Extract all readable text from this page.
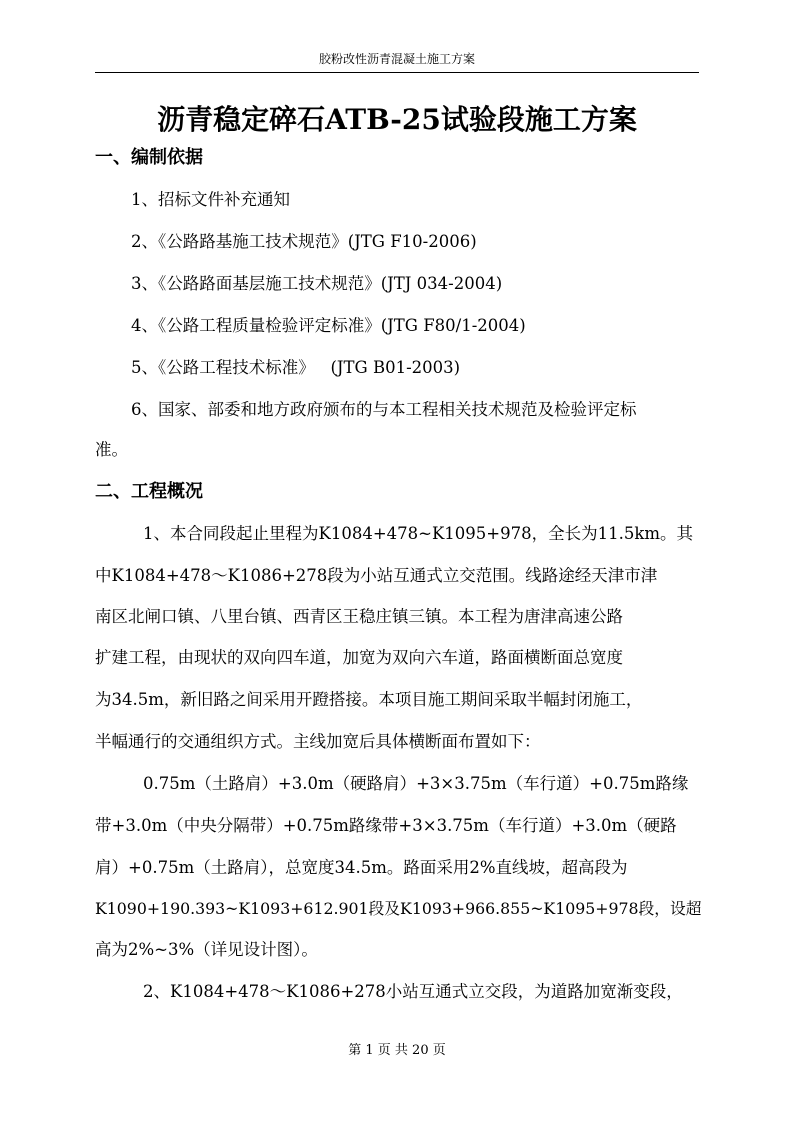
胶粉改性沥青混凝土施工方案
沥青稳定碎石ATB-25试验段施工方案
一、编制依据
1、招标文件补充通知
2、《公路路基施工技术规范》(JTG F10-2006)
3、《公路路面基层施工技术规范》(JTJ 034-2004)
4、《公路工程质量检验评定标准》(JTG F80/1-2004)
5、《公路工程技术标准》   (JTG B01-2003)
6、国家、部委和地方政府颁布的与本工程相关技术规范及检验评定标
准。
二、工程概况
1、本合同段起止里程为K1084+478~K1095+978，全长为11.5km。其
中K1084+478～K1086+278段为小站互通式立交范围。线路途经天津市津
南区北闸口镇、八里台镇、西青区王稳庄镇三镇。本工程为唐津高速公路
扩建工程，由现状的双向四车道，加宽为双向六车道，路面横断面总宽度
为34.5m，新旧路之间采用开蹬搭接。本项目施工期间采取半幅封闭施工，
半幅通行的交通组织方式。主线加宽后具体横断面布置如下：
0.75m（土路肩）+3.0m（硬路肩）+3×3.75m（车行道）+0.75m路缘
带+3.0m（中央分隔带）+0.75m路缘带+3×3.75m（车行道）+3.0m（硬路
肩）+0.75m（土路肩），总宽度34.5m。路面采用2%直线坡，超高段为
K1090+190.393~K1093+612.901段及K1093+966.855~K1095+978段，设超
高为2%~3%（详见设计图）。
2、K1084+478～K1086+278小站互通式立交段，为道路加宽渐变段，
第 1 页 共 20 页
